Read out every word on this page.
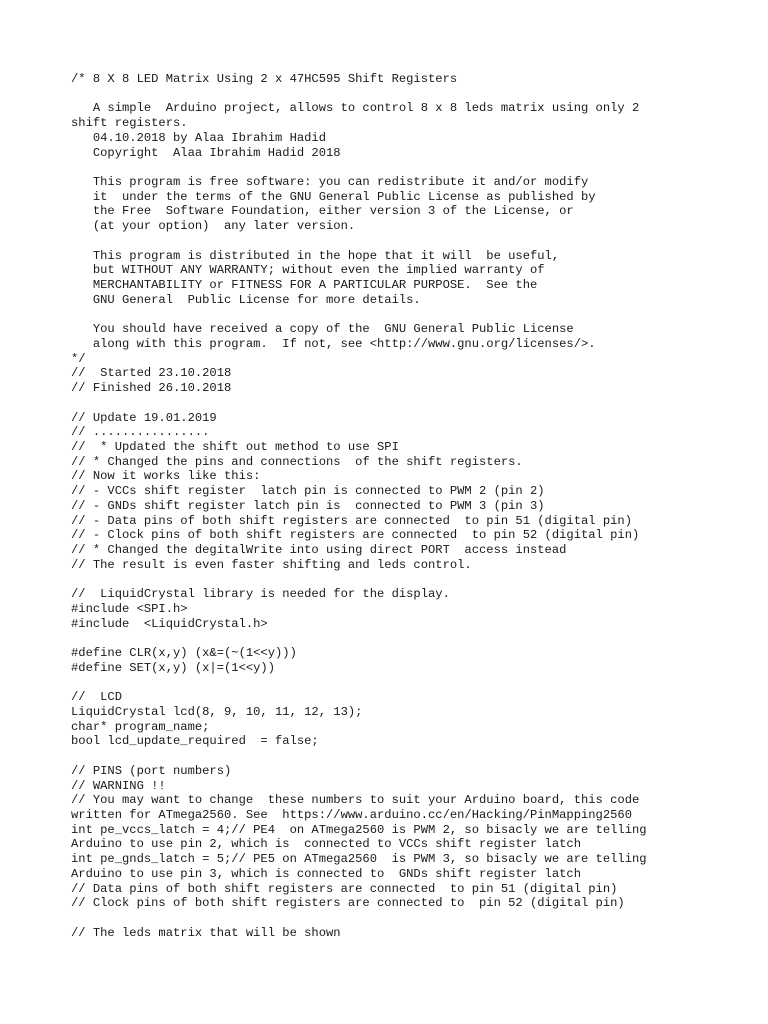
/* 8 X 8 LED Matrix Using 2 x 47HC595 Shift Registers
A simple  Arduino project, allows to control 8 x 8 leds matrix using only 2
shift registers.
04.10.2018 by Alaa Ibrahim Hadid
Copyright  Alaa Ibrahim Hadid 2018
This program is free software: you can redistribute it and/or modify
it  under the terms of the GNU General Public License as published by
the Free  Software Foundation, either version 3 of the License, or
(at your option)  any later version.
This program is distributed in the hope that it will  be useful,
but WITHOUT ANY WARRANTY; without even the implied warranty of
MERCHANTABILITY or FITNESS FOR A PARTICULAR PURPOSE.  See the
GNU General  Public License for more details.
You should have received a copy of the  GNU General Public License
along with this program.  If not, see <http://www.gnu.org/licenses/>.
*/
//  Started 23.10.2018
// Finished 26.10.2018
// Update 19.01.2019
// ................
//  * Updated the shift out method to use SPI
// * Changed the pins and connections  of the shift registers.
// Now it works like this:
// - VCCs shift register  latch pin is connected to PWM 2 (pin 2)
// - GNDs shift register latch pin is  connected to PWM 3 (pin 3)
// - Data pins of both shift registers are connected  to pin 51 (digital pin)
// - Clock pins of both shift registers are connected  to pin 52 (digital pin)
// * Changed the degitalWrite into using direct PORT  access instead
// The result is even faster shifting and leds control.
//  LiquidCrystal library is needed for the display.
#include <SPI.h>
#include  <LiquidCrystal.h>
#define CLR(x,y) (x&=(~(1<<y)))
#define SET(x,y) (x|=(1<<y))
//  LCD
LiquidCrystal lcd(8, 9, 10, 11, 12, 13);
char* program_name;
bool lcd_update_required  = false;
// PINS (port numbers)
// WARNING !!
// You may want to change  these numbers to suit your Arduino board, this code
written for ATmega2560. See  https://www.arduino.cc/en/Hacking/PinMapping2560
int pe_vccs_latch = 4;// PE4  on ATmega2560 is PWM 2, so bisacly we are telling
Arduino to use pin 2, which is  connected to VCCs shift register latch
int pe_gnds_latch = 5;// PE5 on ATmega2560  is PWM 3, so bisacly we are telling
Arduino to use pin 3, which is connected to  GNDs shift register latch
// Data pins of both shift registers are connected  to pin 51 (digital pin)
// Clock pins of both shift registers are connected to  pin 52 (digital pin)
// The leds matrix that will be shown
